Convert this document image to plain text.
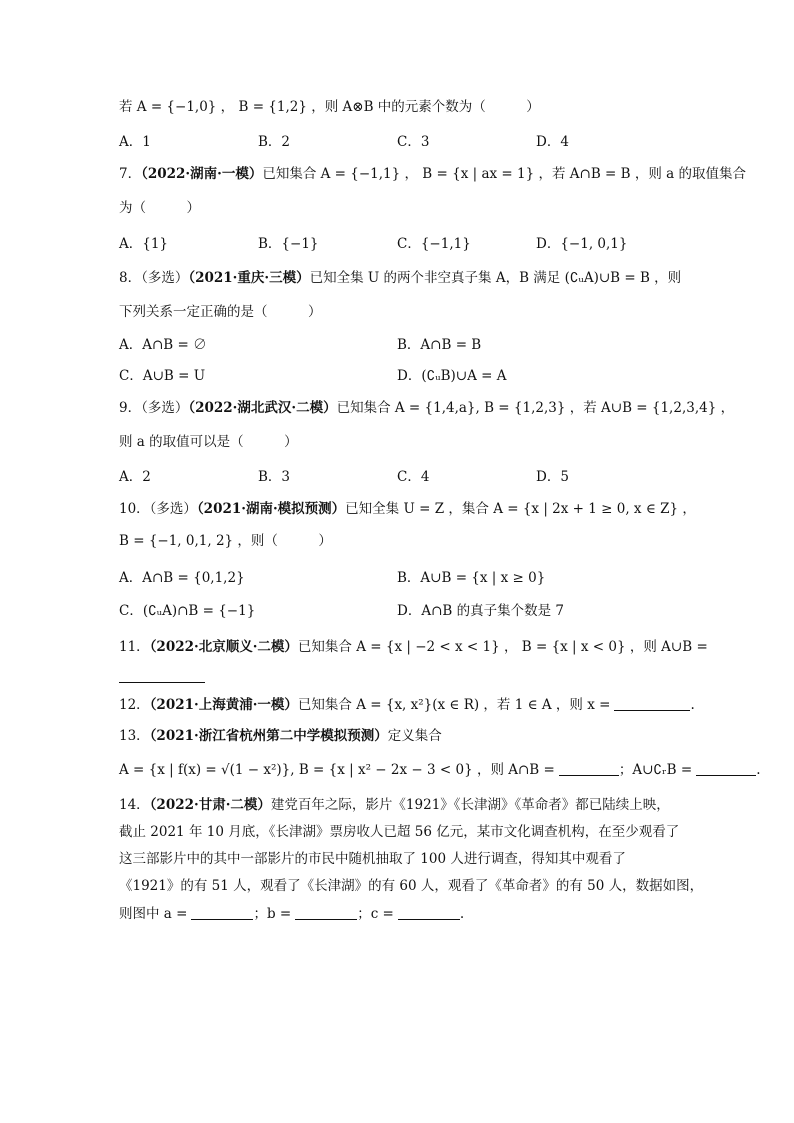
若 A = {−1,0} ， B = {1,2} ，则 A⊗B 中的元素个数为（　　　）
A．1	B．2	C．3	D．4
7．（2022·湖南·一模）已知集合 A = {−1,1} ， B = {x | ax = 1} ，若 A∩B = B ，则 a 的取值集合
为（　　　）
A．{1}	B．{−1}	C．{−1,1}	D．{−1, 0,1}
8．（多选）（2021·重庆·三模）已知全集 U 的两个非空真子集 A，B 满足 (∁ᵤA)∪B = B ，则
下列关系一定正确的是（　　　）
A．A∩B = ∅	B．A∩B = B
C．A∪B = U	D．(∁ᵤB)∪A = A
9．（多选）（2022·湖北武汉·二模）已知集合 A = {1,4,a}, B = {1,2,3} ，若 A∪B = {1,2,3,4} ，
则 a 的取值可以是（　　　）
A．2	B．3	C．4	D．5
10．（多选）（2021·湖南·模拟预测）已知全集 U = Z ，集合 A = {x | 2x + 1 ≥ 0, x ∈ Z} ，
B = {−1, 0,1, 2} ，则（　　　）
A．A∩B = {0,1,2}	B．A∪B = {x | x ≥ 0}
C．(∁ᵤA)∩B = {−1}	D．A∩B 的真子集个数是 7
11．（2022·北京顺义·二模）已知集合 A = {x | −2 < x < 1} ， B = {x | x < 0} ，则 A∪B =
12．（2021·上海黄浦·一模）已知集合 A = {x, x²}(x ∈ R) ，若 1 ∈ A ，则 x =	.
13．（2021·浙江省杭州第二中学模拟预测）定义集合
A = {x | f(x) = √(1 − x²)}, B = {x | x² − 2x − 3 < 0} ，则 A∩B =	；A∪∁ᵣB =	.
14．（2022·甘肃·二模）建党百年之际，影片《1921》《长津湖》《革命者》都已陆续上映，
截止 2021 年 10 月底，《长津湖》票房收人已超 56 亿元，某市文化调查机构，在至少观看了
这三部影片中的其中一部影片的市民中随机抽取了 100 人进行调查，得知其中观看了
《1921》的有 51 人，观看了《长津湖》的有 60 人，观看了《革命者》的有 50 人，数据如图，
则图中 a =	；b =	；c =	.
